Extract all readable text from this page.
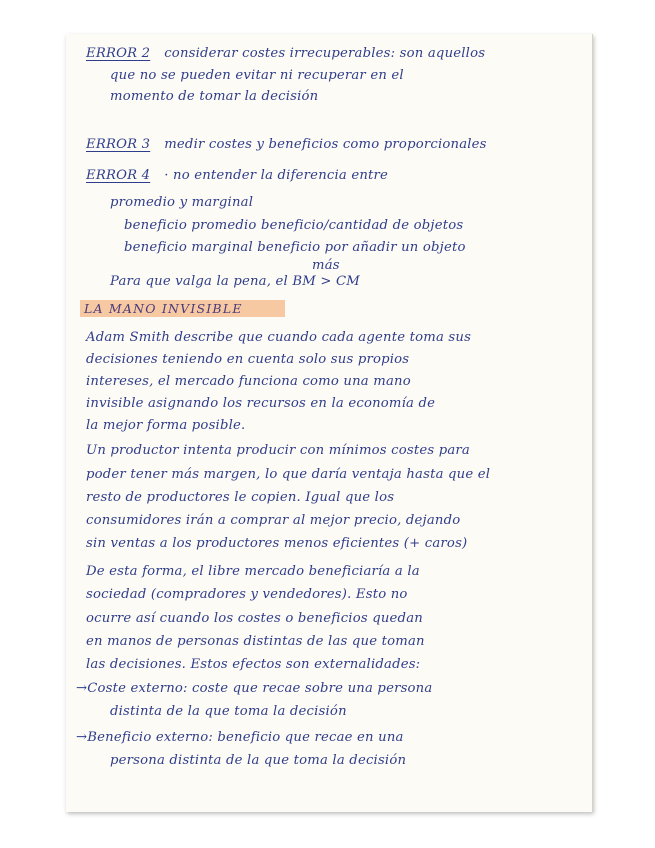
ERROR 2 considerar costes irrecuperables: son aquellos
que no se pueden evitar ni recuperar en el
momento de tomar la decisión
ERROR 3 medir costes y beneficios como proporcionales
ERROR 4 · no entender la diferencia entre
promedio y marginal
beneficio promedio beneficio/cantidad de objetos
beneficio marginal beneficio por añadir un objeto
más
Para que valga la pena, el BM > CM
LA MANO INVISIBLE
Adam Smith describe que cuando cada agente toma sus
decisiones teniendo en cuenta solo sus propios
intereses, el mercado funciona como una mano
invisible asignando los recursos en la economía de
la mejor forma posible.
Un productor intenta producir con mínimos costes para
poder tener más margen, lo que daría ventaja hasta que el
resto de productores le copien. Igual que los
consumidores irán a comprar al mejor precio, dejando
sin ventas a los productores menos eficientes (+ caros)
De esta forma, el libre mercado beneficiaría a la
sociedad (compradores y vendedores). Esto no
ocurre así cuando los costes o beneficios quedan
en manos de personas distintas de las que toman
las decisiones. Estos efectos son externalidades:
→Coste externo: coste que recae sobre una persona
distinta de la que toma la decisión
→Beneficio externo: beneficio que recae en una
persona distinta de la que toma la decisión
